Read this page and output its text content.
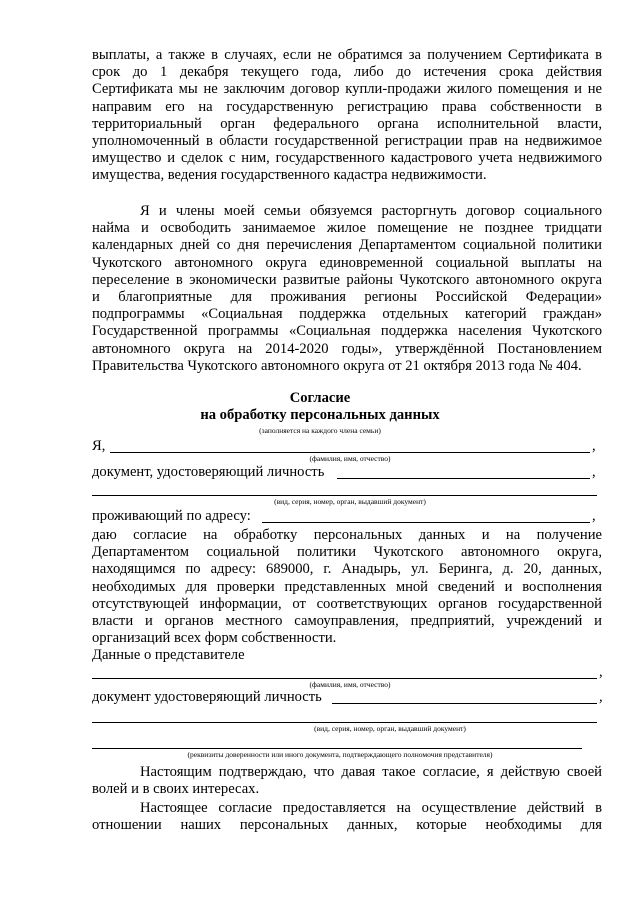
выплаты, а также в случаях, если не обратимся за получением Сертификата в
срок до 1 декабря текущего года, либо до истечения срока действия
Сертификата мы не заключим договор купли-продажи жилого помещения и не
направим его на государственную регистрацию права собственности в
территориальный орган федерального органа исполнительной власти,
уполномоченный в области государственной регистрации прав на недвижимое
имущество и сделок с ним, государственного кадастрового учета недвижимого
имущества, ведения государственного кадастра недвижимости.
Я и члены моей семьи обязуемся расторгнуть договор социального
найма и освободить занимаемое жилое помещение не позднее тридцати
календарных дней со дня перечисления Департаментом социальной политики
Чукотского автономного округа единовременной социальной выплаты на
переселение в экономически развитые районы Чукотского автономного округа
и благоприятные для проживания регионы Российской Федерации»
подпрограммы «Социальная поддержка отдельных категорий граждан»
Государственной программы «Социальная поддержка населения Чукотского
автономного округа на 2014-2020 годы», утверждённой Постановлением
Правительства Чукотского автономного округа от 21 октября 2013 года № 404.
Согласие
на обработку персональных данных
(заполняется на каждого члена семьи)
Я,	,
(фамилия, имя, отчество)
документ, удостоверяющий личность	,
(вид, серия, номер, орган, выдавший документ)
проживающий по адресу:	,
даю согласие на обработку персональных данных и на получение
Департаментом социальной политики Чукотского автономного округа,
находящимся по адресу: 689000, г. Анадырь, ул. Беринга, д. 20, данных,
необходимых для проверки представленных мной сведений и восполнения
отсутствующей информации, от соответствующих органов государственной
власти и органов местного самоуправления, предприятий, учреждений и
организаций всех форм собственности.
Данные о представителе
,
(фамилия, имя, отчество)
документ удостоверяющий личность	,
(вид, серия, номер, орган, выдавший документ)
(реквизиты доверенности или иного документа, подтверждающего полномочия представителя)
Настоящим подтверждаю, что давая такое согласие, я действую своей
волей и в своих интересах.
Настоящее согласие предоставляется на осуществление действий в
отношении наших персональных данных, которые необходимы для
